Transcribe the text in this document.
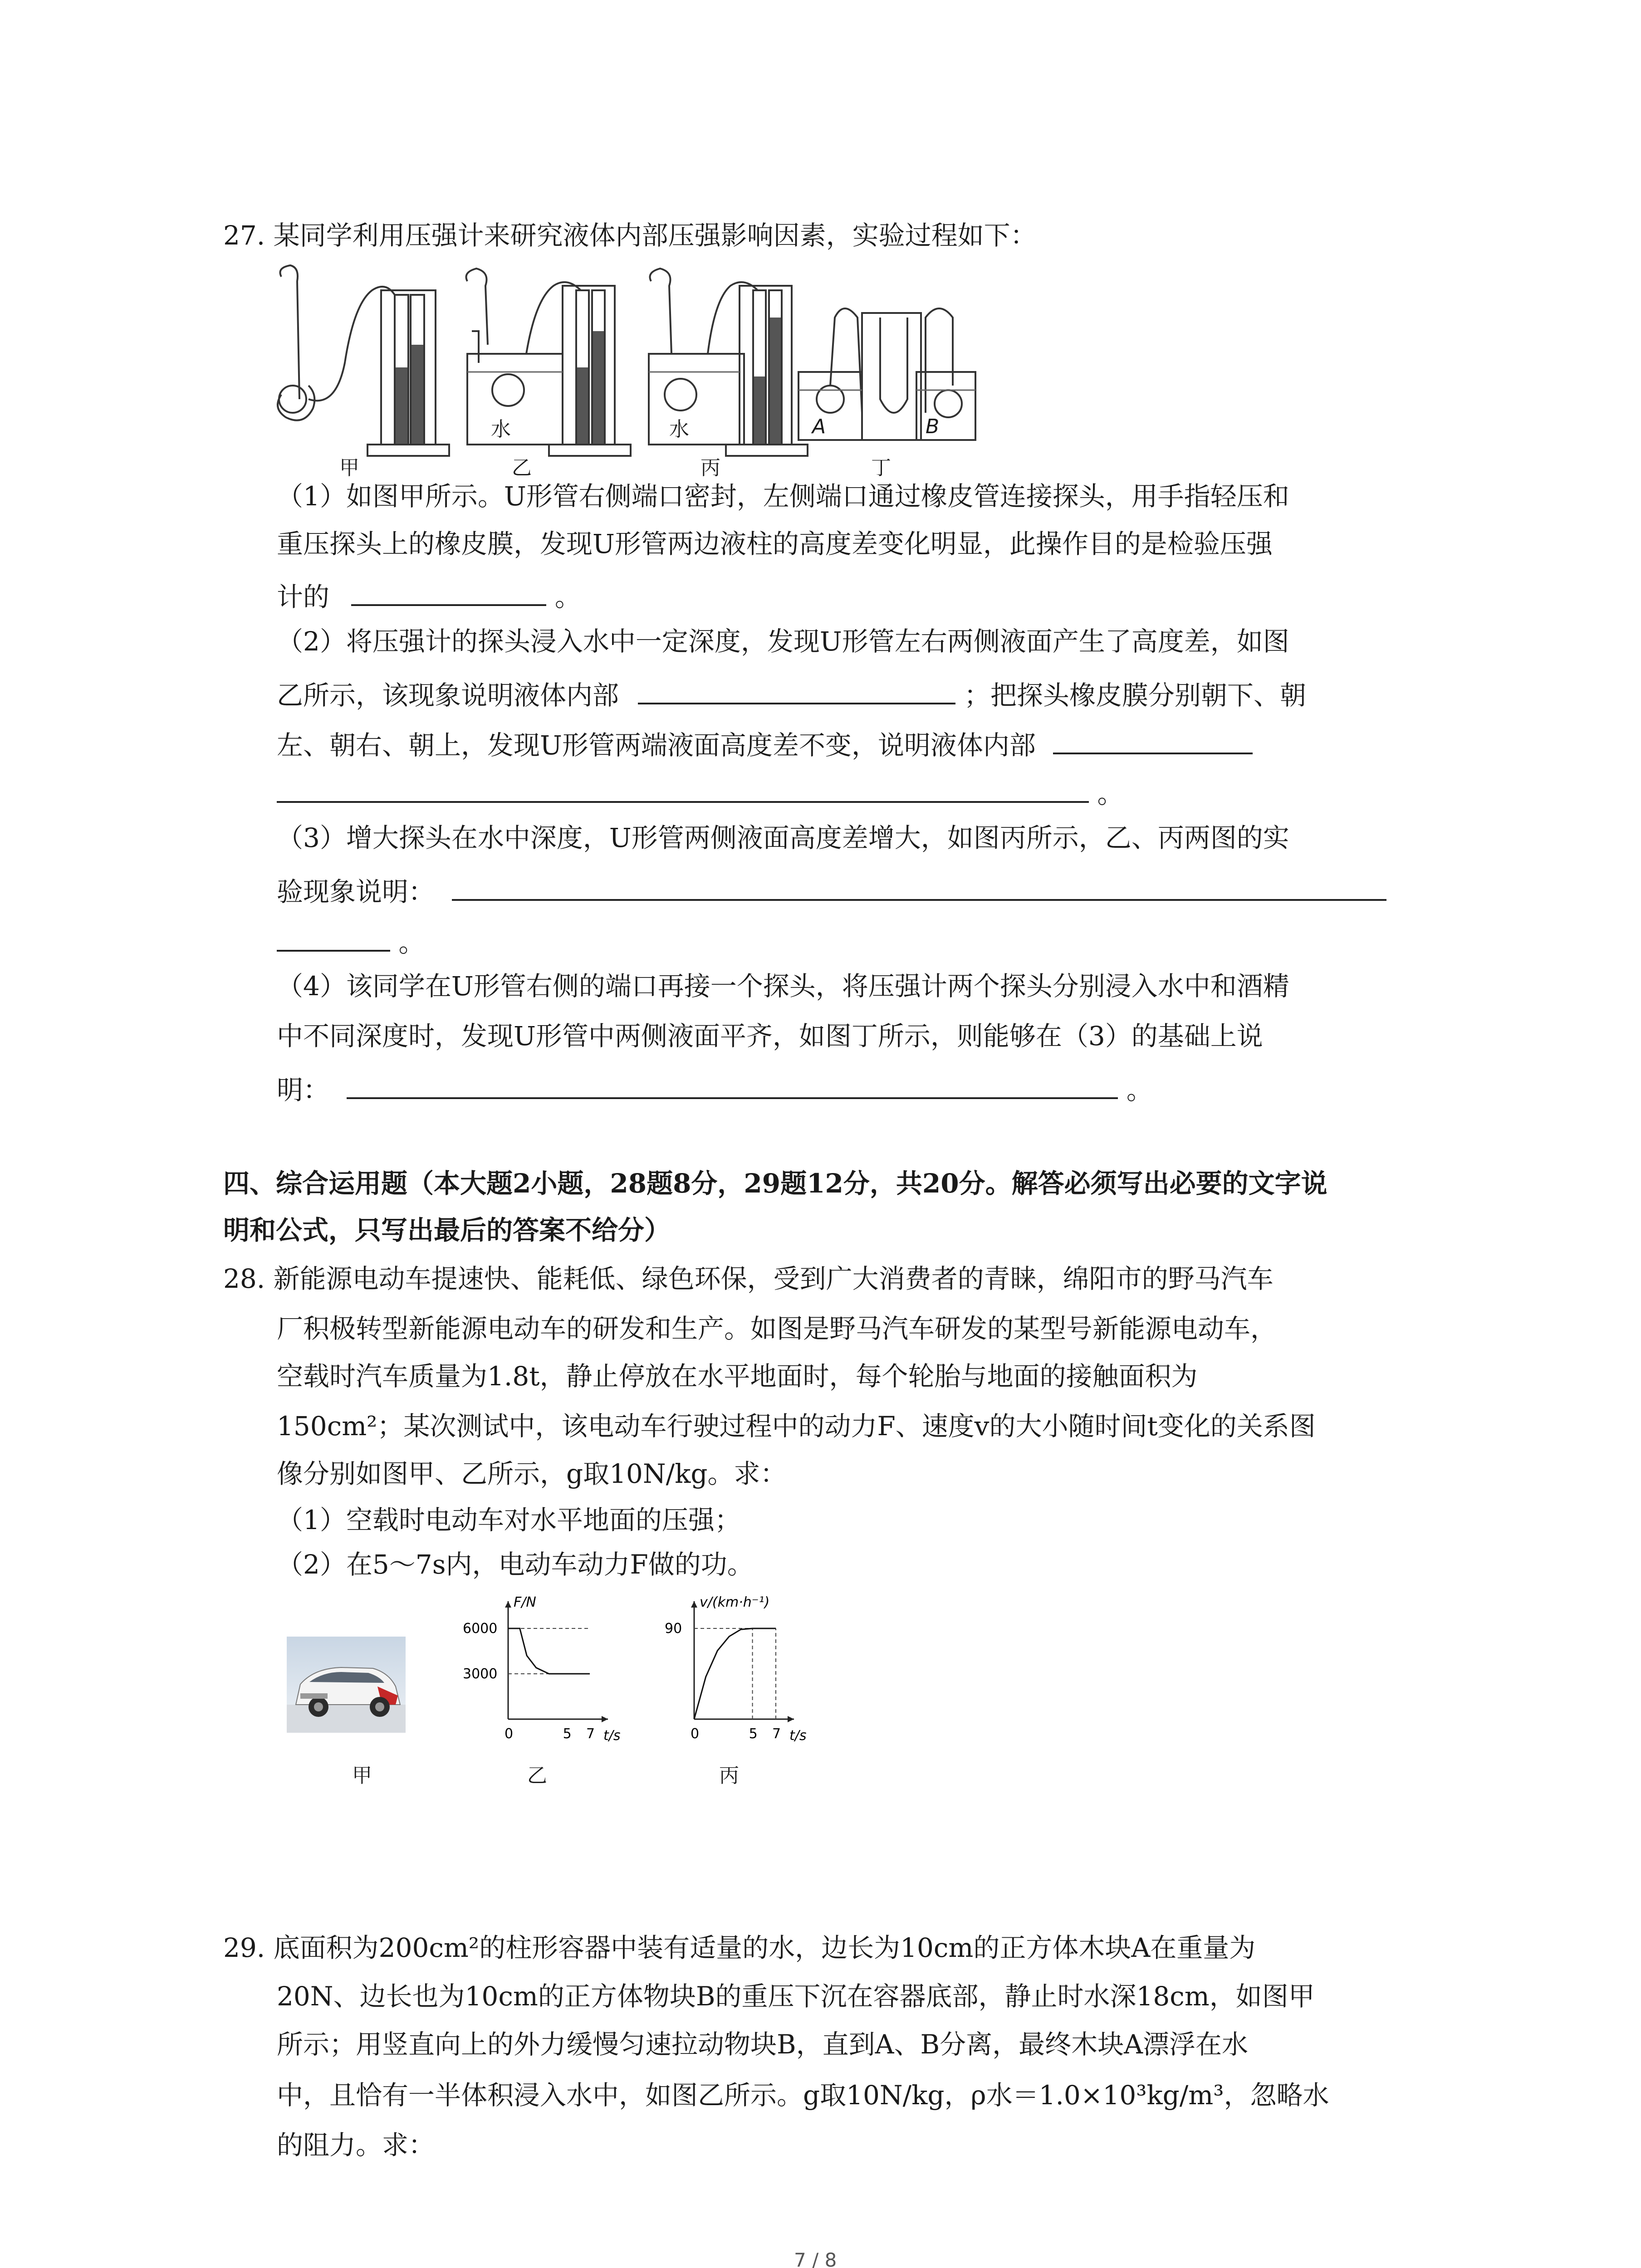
27. 某同学利用压强计来研究液体内部压强影响因素，实验过程如下：
水	水	A	B
甲	乙	丙	丁
（1）如图甲所示。U形管右侧端口密封，左侧端口通过橡皮管连接探头，用手指轻压和
重压探头上的橡皮膜，发现U形管两边液柱的高度差变化明显，此操作目的是检验压强
计的	。
（2）将压强计的探头浸入水中一定深度，发现U形管左右两侧液面产生了高度差，如图
乙所示，该现象说明液体内部	；把探头橡皮膜分别朝下、朝
左、朝右、朝上，发现U形管两端液面高度差不变，说明液体内部
。
（3）增大探头在水中深度，U形管两侧液面高度差增大，如图丙所示，乙、丙两图的实
验现象说明：
。
（4）该同学在U形管右侧的端口再接一个探头，将压强计两个探头分别浸入水中和酒精
中不同深度时，发现U形管中两侧液面平齐，如图丁所示，则能够在（3）的基础上说
明：	。
四、综合运用题（本大题2小题，28题8分，29题12分，共20分。解答必须写出必要的文字说
明和公式，只写出最后的答案不给分）
28. 新能源电动车提速快、能耗低、绿色环保，受到广大消费者的青睐，绵阳市的野马汽车
厂积极转型新能源电动车的研发和生产。如图是野马汽车研发的某型号新能源电动车，
空载时汽车质量为1.8t，静止停放在水平地面时，每个轮胎与地面的接触面积为
150cm²；某次测试中，该电动车行驶过程中的动力F、速度v的大小随时间t变化的关系图
像分别如图甲、乙所示，g取10N/kg。求：
（1）空载时电动车对水平地面的压强；
（2）在5～7s内，电动车动力F做的功。
F/N
t/s
0	5 7
3000
6000
v/(km·h⁻¹)
t/s
0	5 7
90
甲	乙	丙
29. 底面积为200cm²的柱形容器中装有适量的水，边长为10cm的正方体木块A在重量为
20N、边长也为10cm的正方体物块B的重压下沉在容器底部，静止时水深18cm，如图甲
所示；用竖直向上的外力缓慢匀速拉动物块B，直到A、B分离，最终木块A漂浮在水
中，且恰有一半体积浸入水中，如图乙所示。g取10N/kg，ρ水＝1.0×10³kg/m³，忽略水
的阻力。求：
7 / 8
